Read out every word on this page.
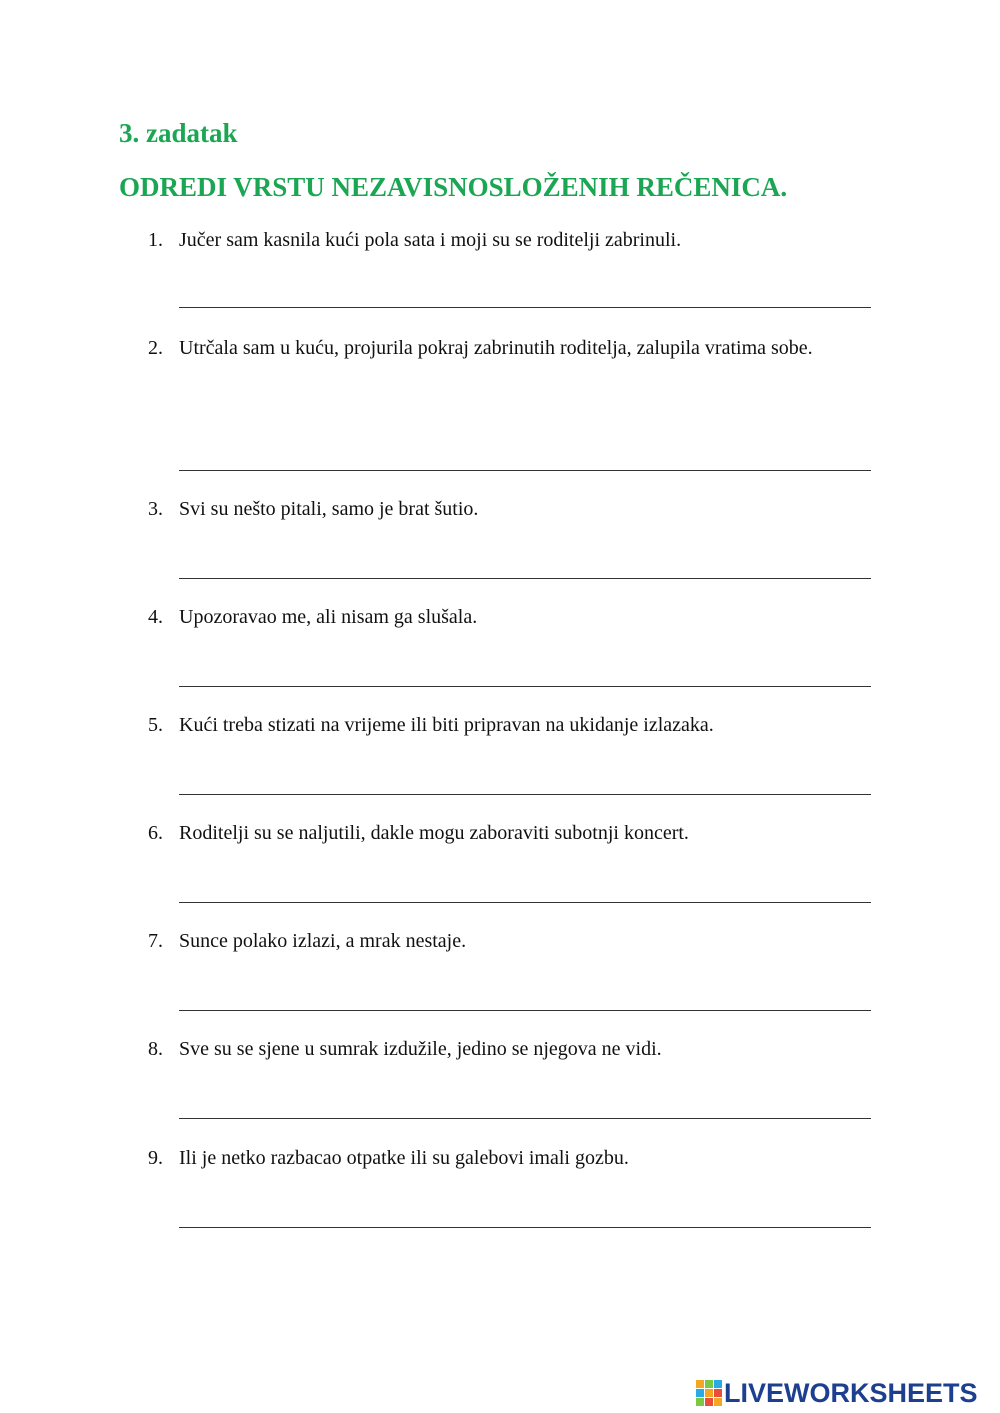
3. zadatak
ODREDI VRSTU NEZAVISNOSLOŽENIH REČENICA.
1. Jučer sam kasnila kući pola sata i moji su se roditelji zabrinuli.
2. Utrčala sam u kuću, projurila pokraj zabrinutih roditelja, zalupila vratima sobe.
3. Svi su nešto pitali, samo je brat šutio.
4. Upozoravao me, ali nisam ga slušala.
5. Kući treba stizati na vrijeme ili biti pripravan na ukidanje izlazaka.
6. Roditelji su se naljutili, dakle mogu zaboraviti subotnji koncert.
7. Sunce polako izlazi, a mrak nestaje.
8. Sve su se sjene u sumrak izdužile, jedino se njegova ne vidi.
9. Ili je netko razbacao otpatke ili su galebovi imali gozbu.
LIVEWORKSHEETS
